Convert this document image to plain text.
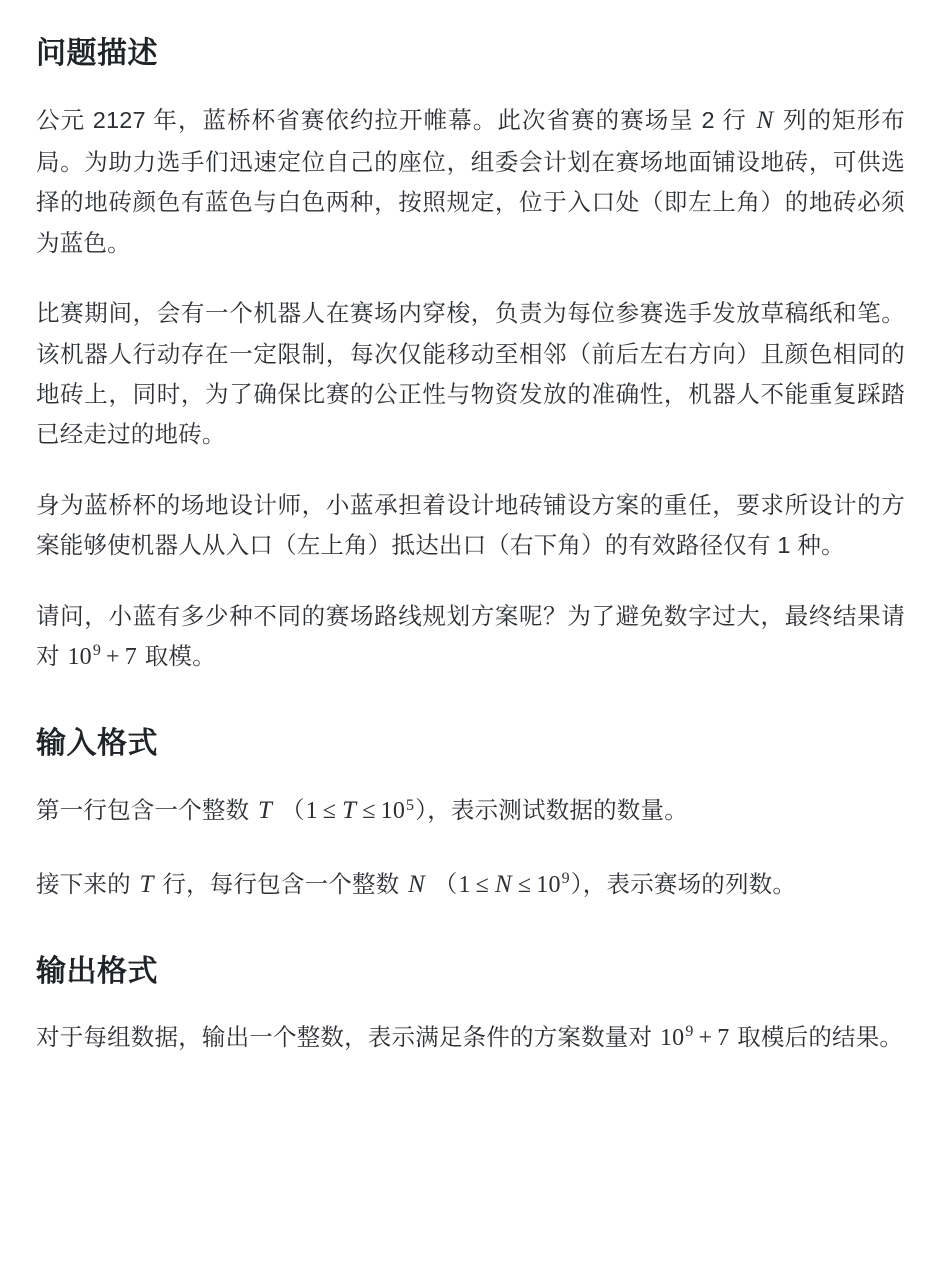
问题描述

公元 2127 年，蓝桥杯省赛依约拉开帷幕。此次省赛的赛场呈 2 行 N 列的矩形布局。为助力选手们迅速定位自己的座位，组委会计划在赛场地面铺设地砖，可供选择的地砖颜色有蓝色与白色两种，按照规定，位于入口处（即左上角）的地砖必须为蓝色。

比赛期间，会有一个机器人在赛场内穿梭，负责为每位参赛选手发放草稿纸和笔。该机器人行动存在一定限制，每次仅能移动至相邻（前后左右方向）且颜色相同的地砖上，同时，为了确保比赛的公正性与物资发放的准确性，机器人不能重复踩踏已经走过的地砖。

身为蓝桥杯的场地设计师，小蓝承担着设计地砖铺设方案的重任，要求所设计的方案能够使机器人从入口（左上角）抵达出口（右下角）的有效路径仅有 1 种。

请问，小蓝有多少种不同的赛场路线规划方案呢？为了避免数字过大，最终结果请对 $10^9 + 7$ 取模。

输入格式

第一行包含一个整数 T $(1 \le T \le 10^5)$，表示测试数据的数量。

接下来的 T 行，每行包含一个整数 N $(1 \le N \le 10^9)$，表示赛场的列数。

输出格式

对于每组数据，输出一个整数，表示满足条件的方案数量对 $10^9 + 7$ 取模后的结果。
